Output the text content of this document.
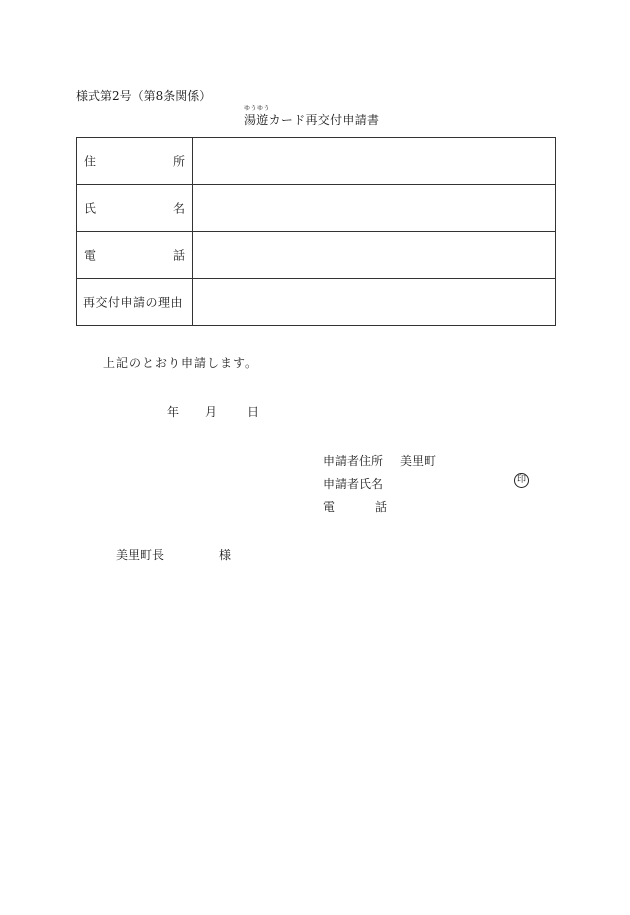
様式第2号（第8条関係）
ゆうゆう
湯遊カード再交付申請書
住 所	

氏 名	

電 話	

再交付申請の理由	

上記のとおり申請します。
年 月 日
申請者住所 美里町
申請者氏名	印
電	話
美里町長	様
